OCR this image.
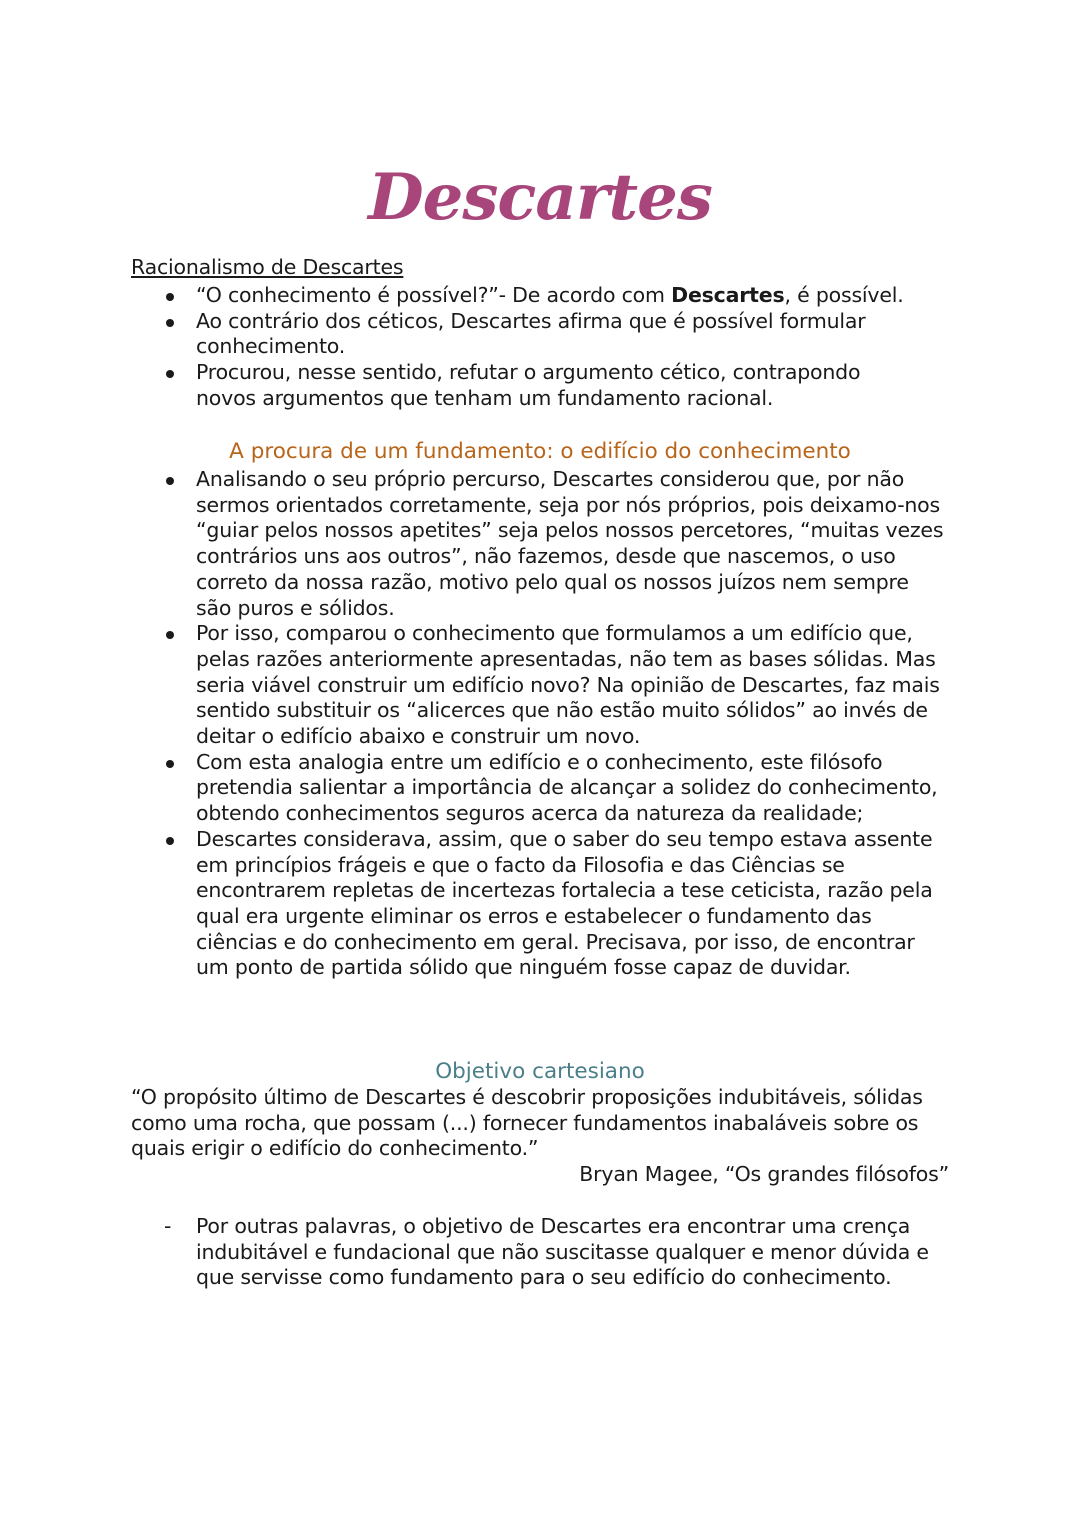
Descartes
Racionalismo de Descartes
“O conhecimento é possível?”- De acordo com Descartes, é possível.
Ao contrário dos céticos, Descartes afirma que é possível formular conhecimento.
Procurou, nesse sentido, refutar o argumento cético, contrapondo novos argumentos que tenham um fundamento racional.
A procura de um fundamento: o edifício do conhecimento
Analisando o seu próprio percurso, Descartes considerou que, por não sermos orientados corretamente, seja por nós próprios, pois deixamo-nos “guiar pelos nossos apetites” seja pelos nossos percetores, “muitas vezes contrários uns aos outros”, não fazemos, desde que nascemos, o uso correto da nossa razão, motivo pelo qual os nossos juízos nem sempre são puros e sólidos.
Por isso, comparou o conhecimento que formulamos a um edifício que, pelas razões anteriormente apresentadas, não tem as bases sólidas. Mas seria viável construir um edifício novo? Na opinião de Descartes, faz mais sentido substituir os “alicerces que não estão muito sólidos” ao invés de deitar o edifício abaixo e construir um novo.
Com esta analogia entre um edifício e o conhecimento, este filósofo pretendia salientar a importância de alcançar a solidez do conhecimento, obtendo conhecimentos seguros acerca da natureza da realidade;
Descartes considerava, assim, que o saber do seu tempo estava assente em princípios frágeis e que o facto da Filosofia e das Ciências se encontrarem repletas de incertezas fortalecia a tese ceticista, razão pela qual era urgente eliminar os erros e estabelecer o fundamento das ciências e do conhecimento em geral. Precisava, por isso, de encontrar um ponto de partida sólido que ninguém fosse capaz de duvidar.
Objetivo cartesiano
“O propósito último de Descartes é descobrir proposições indubitáveis, sólidas como uma rocha, que possam (...) fornecer fundamentos inabaláveis sobre os quais erigir o edifício do conhecimento.”
Bryan Magee, “Os grandes filósofos”
- Por outras palavras, o objetivo de Descartes era encontrar uma crença indubitável e fundacional que não suscitasse qualquer e menor dúvida e que servisse como fundamento para o seu edifício do conhecimento.
